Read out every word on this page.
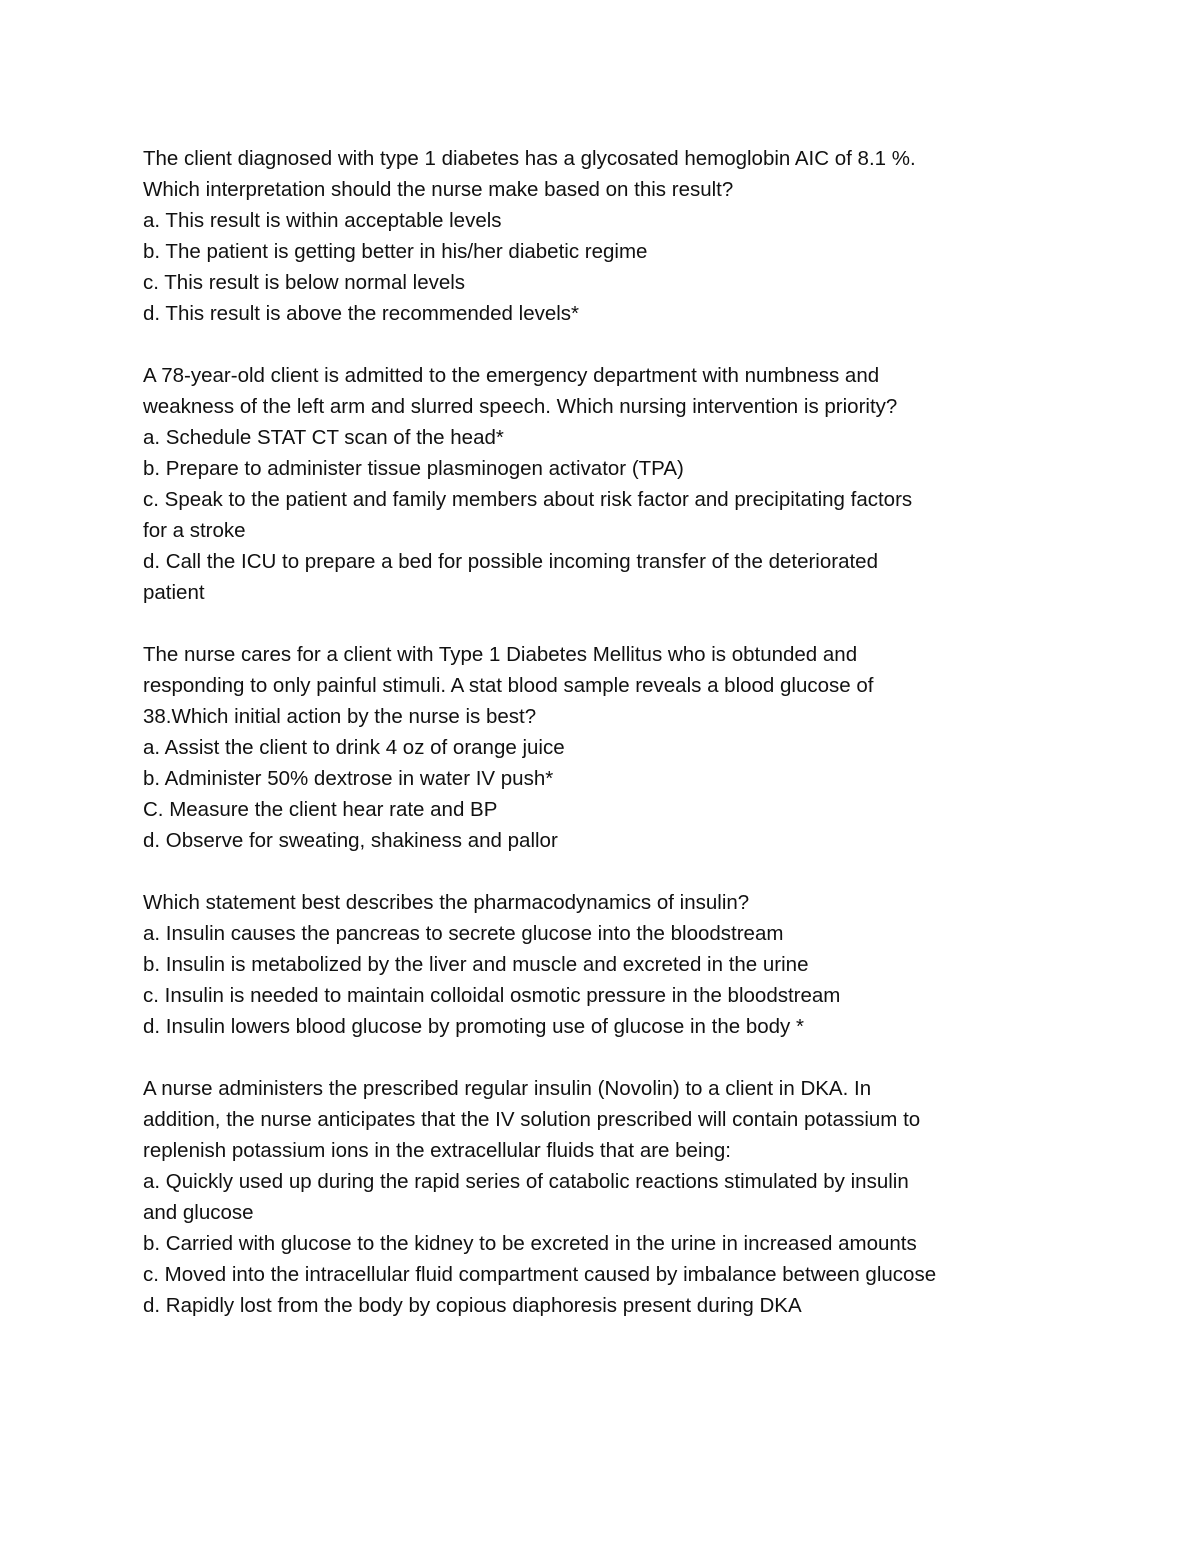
The client diagnosed with type 1 diabetes has a glycosated hemoglobin AIC of 8.1 %.
Which interpretation should the nurse make based on this result?
a. This result is within acceptable levels
b. The patient is getting better in his/her diabetic regime
c. This result is below normal levels
d. This result is above the recommended levels*
A 78-year-old client is admitted to the emergency department with numbness and
weakness of the left arm and slurred speech. Which nursing intervention is priority?
a. Schedule STAT CT scan of the head*
b. Prepare to administer tissue plasminogen activator (TPA)
c. Speak to the patient and family members about risk factor and precipitating factors
for a stroke
d. Call the ICU to prepare a bed for possible incoming transfer of the deteriorated
patient
The nurse cares for a client with Type 1 Diabetes Mellitus who is obtunded and
responding to only painful stimuli. A stat blood sample reveals a blood glucose of
38.Which initial action by the nurse is best?
a. Assist the client to drink 4 oz of orange juice
b. Administer 50% dextrose in water IV push*
C. Measure the client hear rate and BP
d. Observe for sweating, shakiness and pallor
Which statement best describes the pharmacodynamics of insulin?
a. Insulin causes the pancreas to secrete glucose into the bloodstream
b. Insulin is metabolized by the liver and muscle and excreted in the urine
c. Insulin is needed to maintain colloidal osmotic pressure in the bloodstream
d. Insulin lowers blood glucose by promoting use of glucose in the body *
A nurse administers the prescribed regular insulin (Novolin) to a client in DKA. In
addition, the nurse anticipates that the IV solution prescribed will contain potassium to
replenish potassium ions in the extracellular fluids that are being:
a. Quickly used up during the rapid series of catabolic reactions stimulated by insulin
and glucose
b. Carried with glucose to the kidney to be excreted in the urine in increased amounts
c. Moved into the intracellular fluid compartment caused by imbalance between glucose
d. Rapidly lost from the body by copious diaphoresis present during DKA
